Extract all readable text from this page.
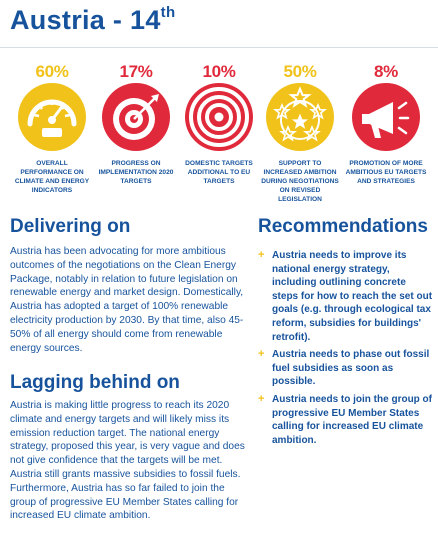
Austria - 14th
60%
OVERALL PERFORMANCE ON CLIMATE AND ENERGY INDICATORS
17%
PROGRESS ON IMPLEMENTATION 2020 TARGETS
10%
DOMESTIC TARGETS ADDITIONAL TO EU TARGETS
50%
SUPPORT TO INCREASED AMBITION DURING NEGOTIATIONS ON REVISED LEGISLATION
8%
PROMOTION OF MORE AMBITIOUS EU TARGETS AND STRATEGIES
Delivering on

Austria has been advocating for more ambitious outcomes of the negotiations on the Clean Energy Package, notably in relation to future legislation on renewable energy and market design. Domestically, Austria has adopted a target of 100% renewable electricity production by 2030. By that time, also 45-50% of all energy should come from renewable energy sources.

Lagging behind on

Austria is making little progress to reach its 2020 climate and energy targets and will likely miss its emission reduction target. The national energy strategy, proposed this year, is very vague and does not give confidence that the targets will be met. Austria still grants massive subsidies to fossil fuels. Furthermore, Austria has so far failed to join the group of progressive EU Member States calling for increased EU climate ambition.

Recommendations
+ Austria needs to improve its national energy strategy, including outlining concrete steps for how to reach the set out goals (e.g. through ecological tax reform, subsidies for buildings' retrofit).
+ Austria needs to phase out fossil fuel subsidies as soon as possible.
+ Austria needs to join the group of progressive EU Member States calling for increased EU climate ambition.
